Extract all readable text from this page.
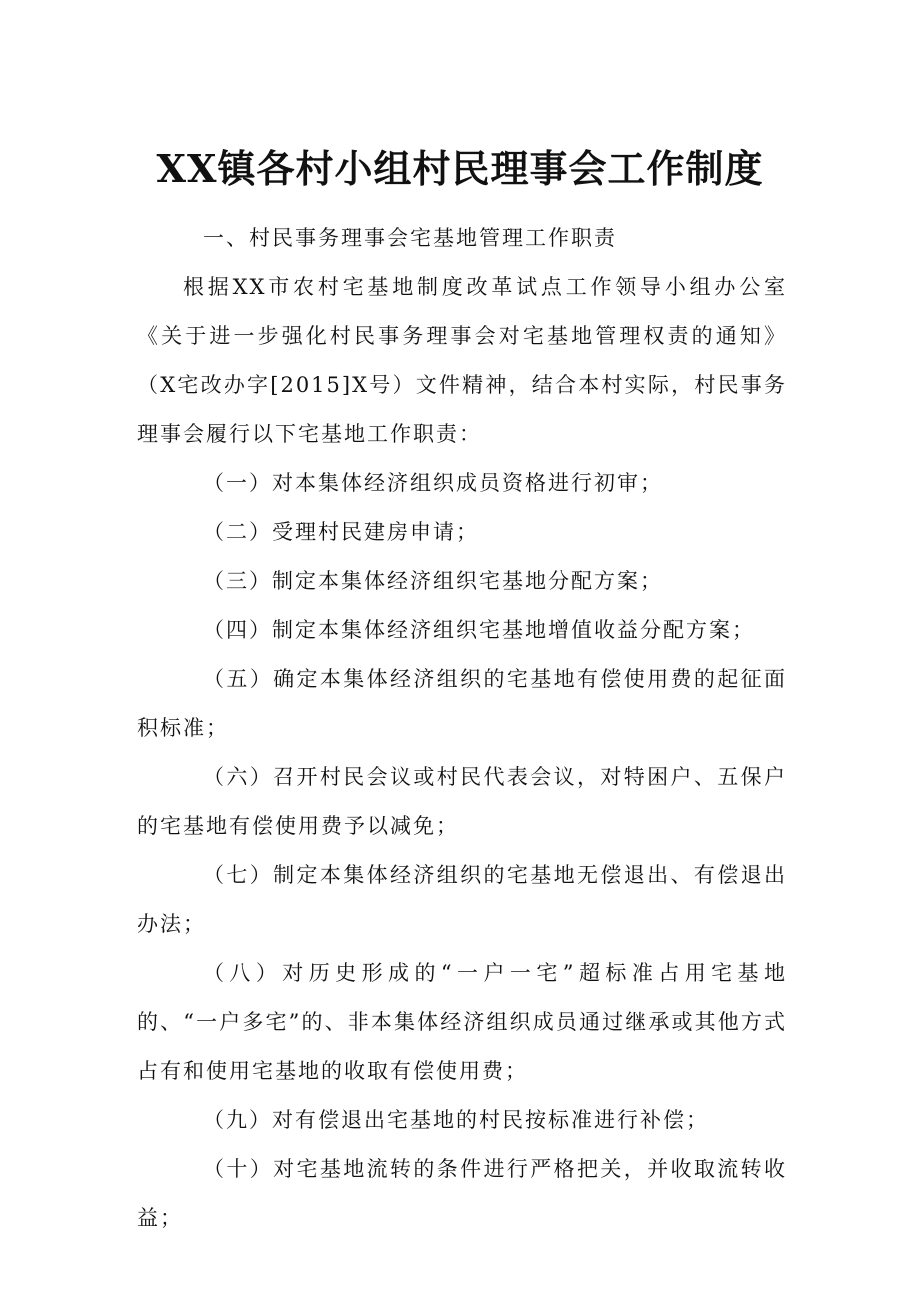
XX镇各村小组村民理事会工作制度

一、村民事务理事会宅基地管理工作职责

根据XX市农村宅基地制度改革试点工作领导小组办公室《关于进一步强化村民事务理事会对宅基地管理权责的通知》（X宅改办字[2015]X号）文件精神，结合本村实际，村民事务理事会履行以下宅基地工作职责：

（一）对本集体经济组织成员资格进行初审；

（二）受理村民建房申请；

（三）制定本集体经济组织宅基地分配方案；

（四）制定本集体经济组织宅基地增值收益分配方案；

（五）确定本集体经济组织的宅基地有偿使用费的起征面积标准；

（六）召开村民会议或村民代表会议，对特困户、五保户的宅基地有偿使用费予以减免；

（七）制定本集体经济组织的宅基地无偿退出、有偿退出办法；

（八）对历史形成的“一户一宅”超标准占用宅基地的、“一户多宅”的、非本集体经济组织成员通过继承或其他方式占有和使用宅基地的收取有偿使用费；

（九）对有偿退出宅基地的村民按标准进行补偿；

（十）对宅基地流转的条件进行严格把关，并收取流转收益；
